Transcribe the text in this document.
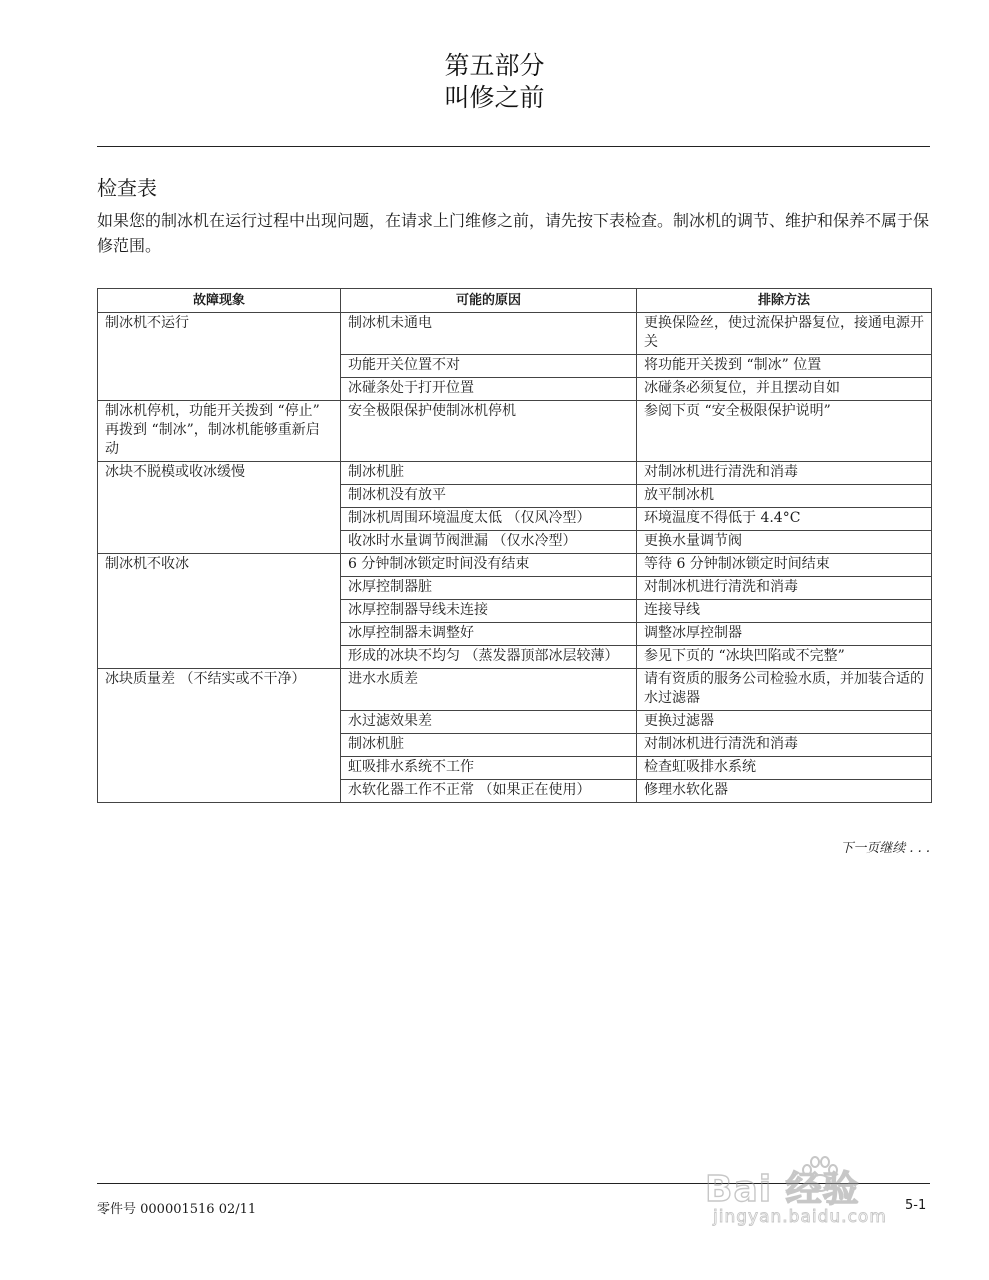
第五部分
叫修之前
检查表

如果您的制冰机在运行过程中出现问题，在请求上门维修之前，请先按下表检查。制冰机的调节、维护和保养不属于保修范围。

故障现象	可能的原因	排除方法
制冰机不运行	制冰机未通电	更换保险丝，使过流保护器复位，接通电源开关
	功能开关位置不对	将功能开关拨到 “制冰” 位置
	冰碰条处于打开位置	冰碰条必须复位，并且摆动自如
制冰机停机，功能开关拨到 “停止” 再拨到 “制冰”，制冰机能够重新启动	安全极限保护使制冰机停机	参阅下页 “安全极限保护说明”
冰块不脱模或收冰缓慢	制冰机脏	对制冰机进行清洗和消毒
	制冰机没有放平	放平制冰机
	制冰机周围环境温度太低 （仅风冷型）	环境温度不得低于 4.4°C
	收冰时水量调节阀泄漏 （仅水冷型）	更换水量调节阀
制冰机不收冰	6 分钟制冰锁定时间没有结束	等待 6 分钟制冰锁定时间结束
	冰厚控制器脏	对制冰机进行清洗和消毒
	冰厚控制器导线未连接	连接导线
	冰厚控制器未调整好	调整冰厚控制器
	形成的冰块不均匀 （蒸发器顶部冰层较薄）	参见下页的 “冰块凹陷或不完整”
冰块质量差 （不结实或不干净）	进水水质差	请有资质的服务公司检验水质，并加装合适的水过滤器
	水过滤效果差	更换过滤器
	制冰机脏	对制冰机进行清洗和消毒
	虹吸排水系统不工作	检查虹吸排水系统
	水软化器工作不正常 （如果正在使用）	修理水软化器
下一页继续 . . .
Bai 经验
jingyan.baidu.com
零件号 000001516 02/11	5-1
